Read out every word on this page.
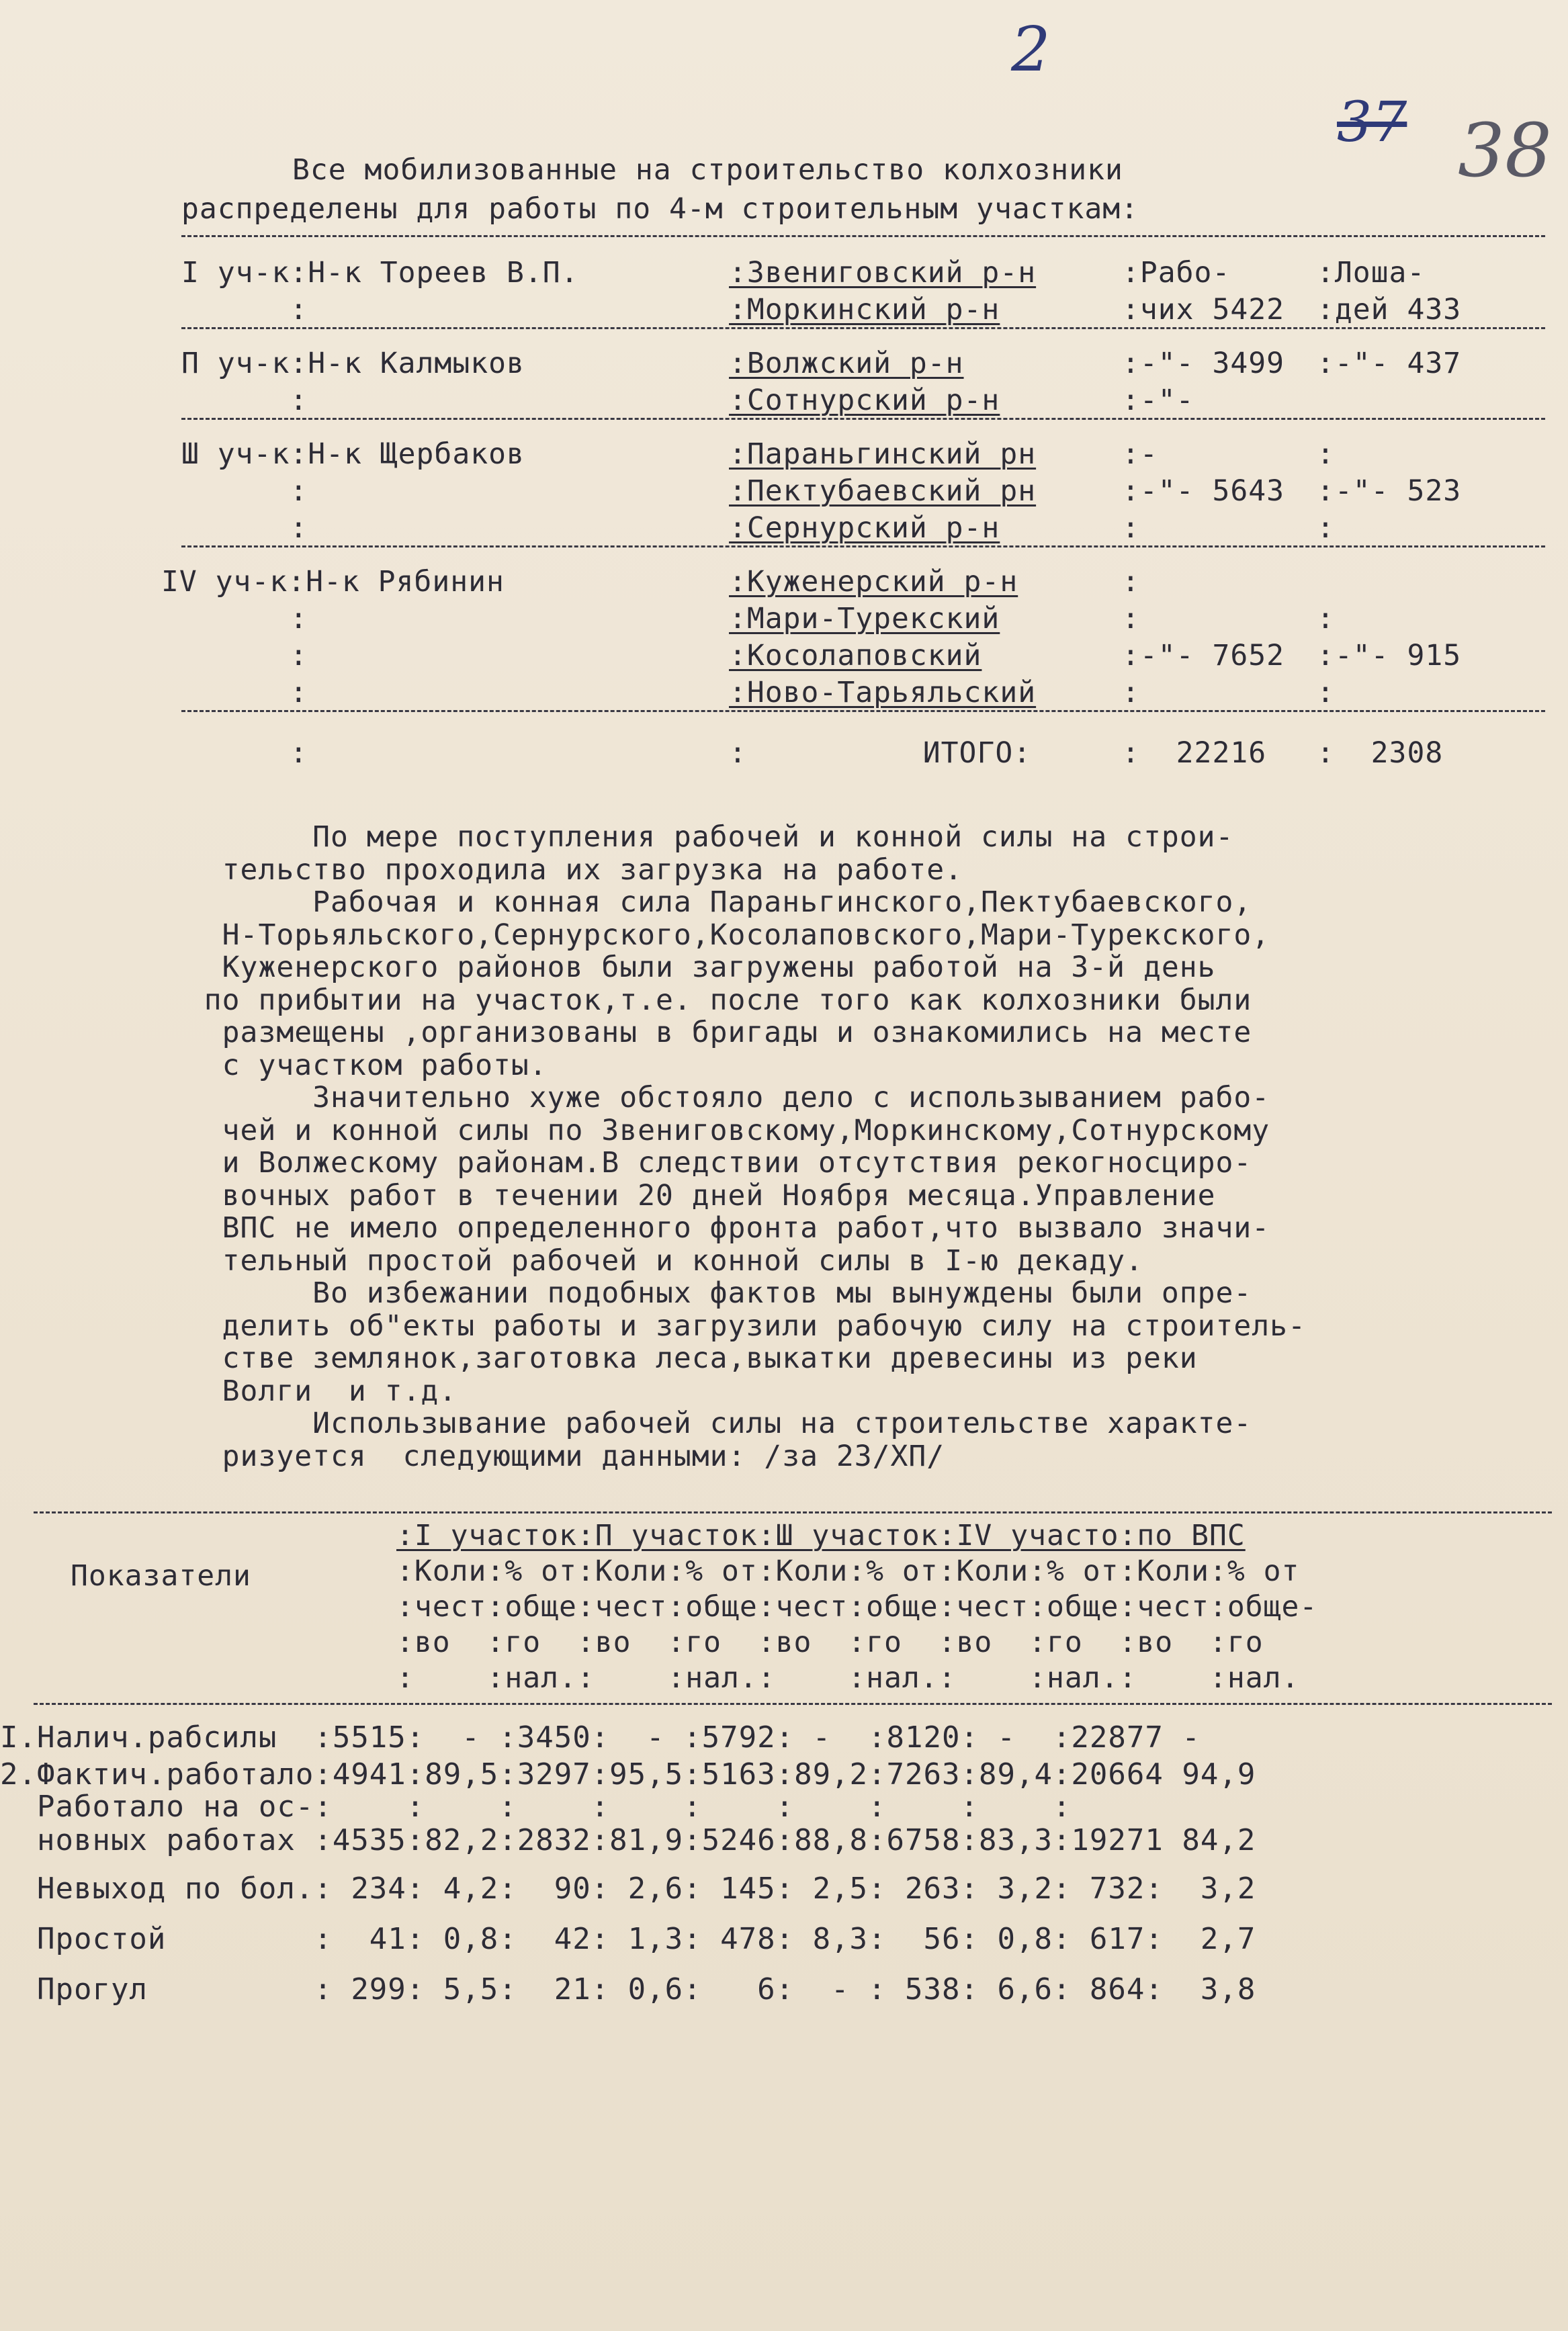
2
37 38
Все мобилизованные на строительство колхозники
распределены для работы по 4-м строительным участкам:
I уч-к:Н-к Тореев В.П.	:Звениговский р-н	:Рабо-	:Лоша-
:	:Моркинский р-н	:чих 5422 :дей 433
П уч-к:Н-к Калмыков	:Волжский р-н	:-"- 3499 :-"- 437
:	:Сотнурский р-н	:-"-
Ш уч-к:Н-к Щербаков	:Параньгинский рн	:-	:
:	:Пектубаевский рн	:-"- 5643 :-"- 523
:	:Сернурский р-н	:	:
IV уч-к:Н-к Рябинин	:Куженерский р-н	:
:	:Мари-Турекский	:	:
:	:Косолаповский	:-"- 7652 :-"- 915
:	:Ново-Тарьяльский	:	:
:	:	ИТОГО:	:  22216 :  2308
По мере поступления рабочей и конной силы на строи-
тельство проходила их загрузка на работе.
Рабочая и конная сила Параньгинского,Пектубаевского,
Н-Торьяльского,Сернурского,Косолаповского,Мари-Турекского,
Куженерского районов были загружены работой на 3-й день
по прибытии на участок,т.е. после того как колхозники были
размещены ,организованы в бригады и ознакомились на месте
с участком работы.
Значительно хуже обстояло дело с использыванием рабо-
чей и конной силы по Звениговскому,Моркинскому,Сотнурскому
и Волжескому районам.В следствии отсутствия рекогносциро-
вочных работ в течении 20 дней Ноября месяца.Управление
ВПС не имело определенного фронта работ,что вызвало значи-
тельный простой рабочей и конной силы в I-ю декаду.
Во избежании подобных фактов мы вынуждены были опре-
делить об"екты работы и загрузили рабочую силу на строитель-
стве землянок,заготовка леса,выкатки древесины из реки
Волги  и т.д.
Использывание рабочей силы на строительстве характе-
ризуется  следующими данными: /за 23/ХП/
Показатели
:I участок:П участок:Ш участок:IV участо:по ВПС
:Коли:% от:Коли:% от:Коли:% от:Коли:% от:Коли:% от
:чест:обще:чест:обще:чест:обще:чест:обще:чест:обще-
:во  :го  :во  :го  :во  :го  :во  :го  :во  :го
:    :нал.:    :нал.:    :нал.:    :нал.:    :нал.
I.Налич.рабсилы  :5515:  - :3450:  - :5792: -  :8120: -  :22877 -
2.Фактич.работало:4941:89,5:3297:95,5:5163:89,2:7263:89,4:20664 94,9
Работало на ос-:    :    :    :    :    :    :    :    :
новных работах :4535:82,2:2832:81,9:5246:88,8:6758:83,3:19271 84,2
Невыход по бол.: 234: 4,2:  90: 2,6: 145: 2,5: 263: 3,2: 732:  3,2
Простой        :  41: 0,8:  42: 1,3: 478: 8,3:  56: 0,8: 617:  2,7
Прогул         : 299: 5,5:  21: 0,6:   6:  - : 538: 6,6: 864:  3,8
